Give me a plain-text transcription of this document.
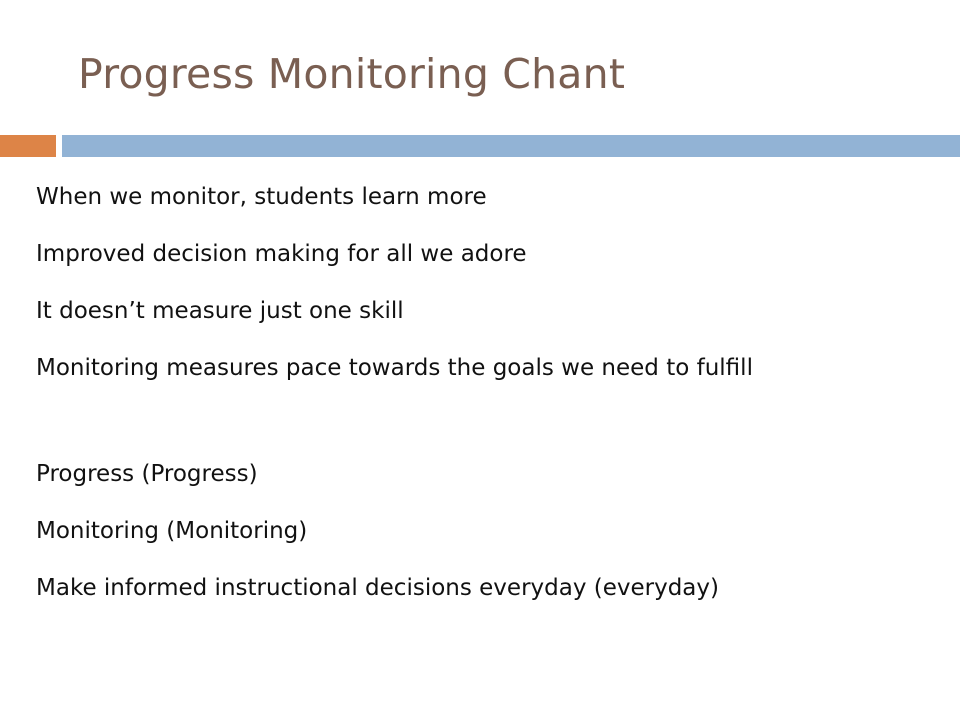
Progress Monitoring Chant

When we monitor, students learn more

Improved decision making for all we adore

It doesn’t measure just one skill

Monitoring measures pace towards the goals we need to fulfill

Progress (Progress)

Monitoring (Monitoring)

Make informed instructional decisions everyday (everyday)
